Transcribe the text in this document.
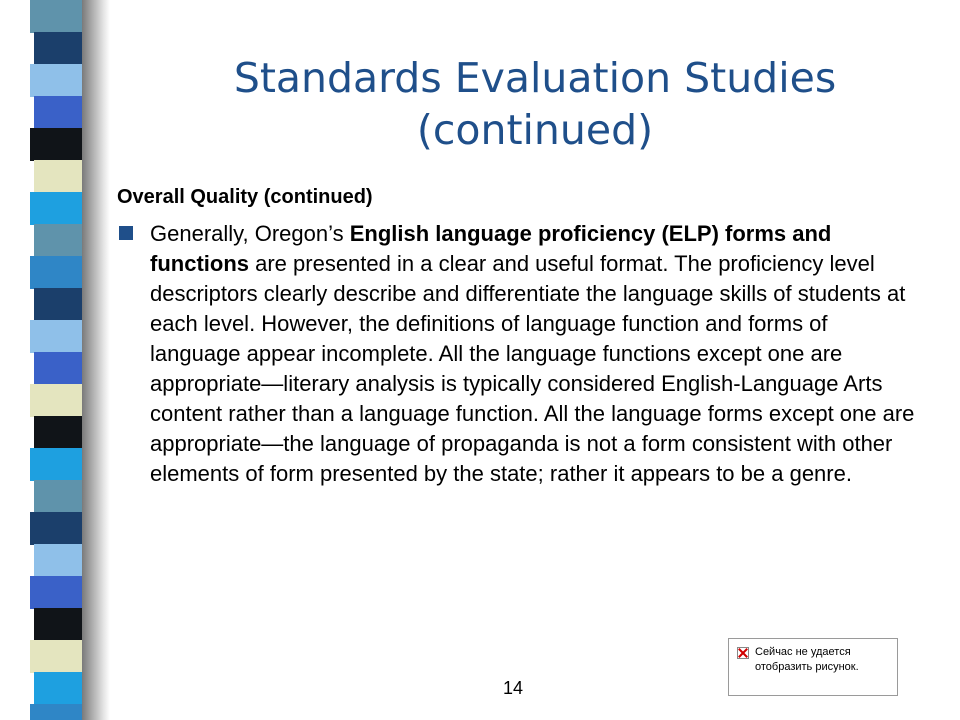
Standards Evaluation Studies
(continued)
Overall Quality (continued)
Generally, Oregon’s English language proficiency (ELP) forms and functions are presented in a clear and useful format. The proficiency level descriptors clearly describe and differentiate the language skills of students at each level. However, the definitions of language function and forms of language appear incomplete. All the language functions except one are appropriate—literary analysis is typically considered English-Language Arts content rather than a language function. All the language forms except one are appropriate—the language of propaganda is not a form consistent with other elements of form presented by the state; rather it appears to be a genre.
14
Сейчас не удается отобразить рисунок.
